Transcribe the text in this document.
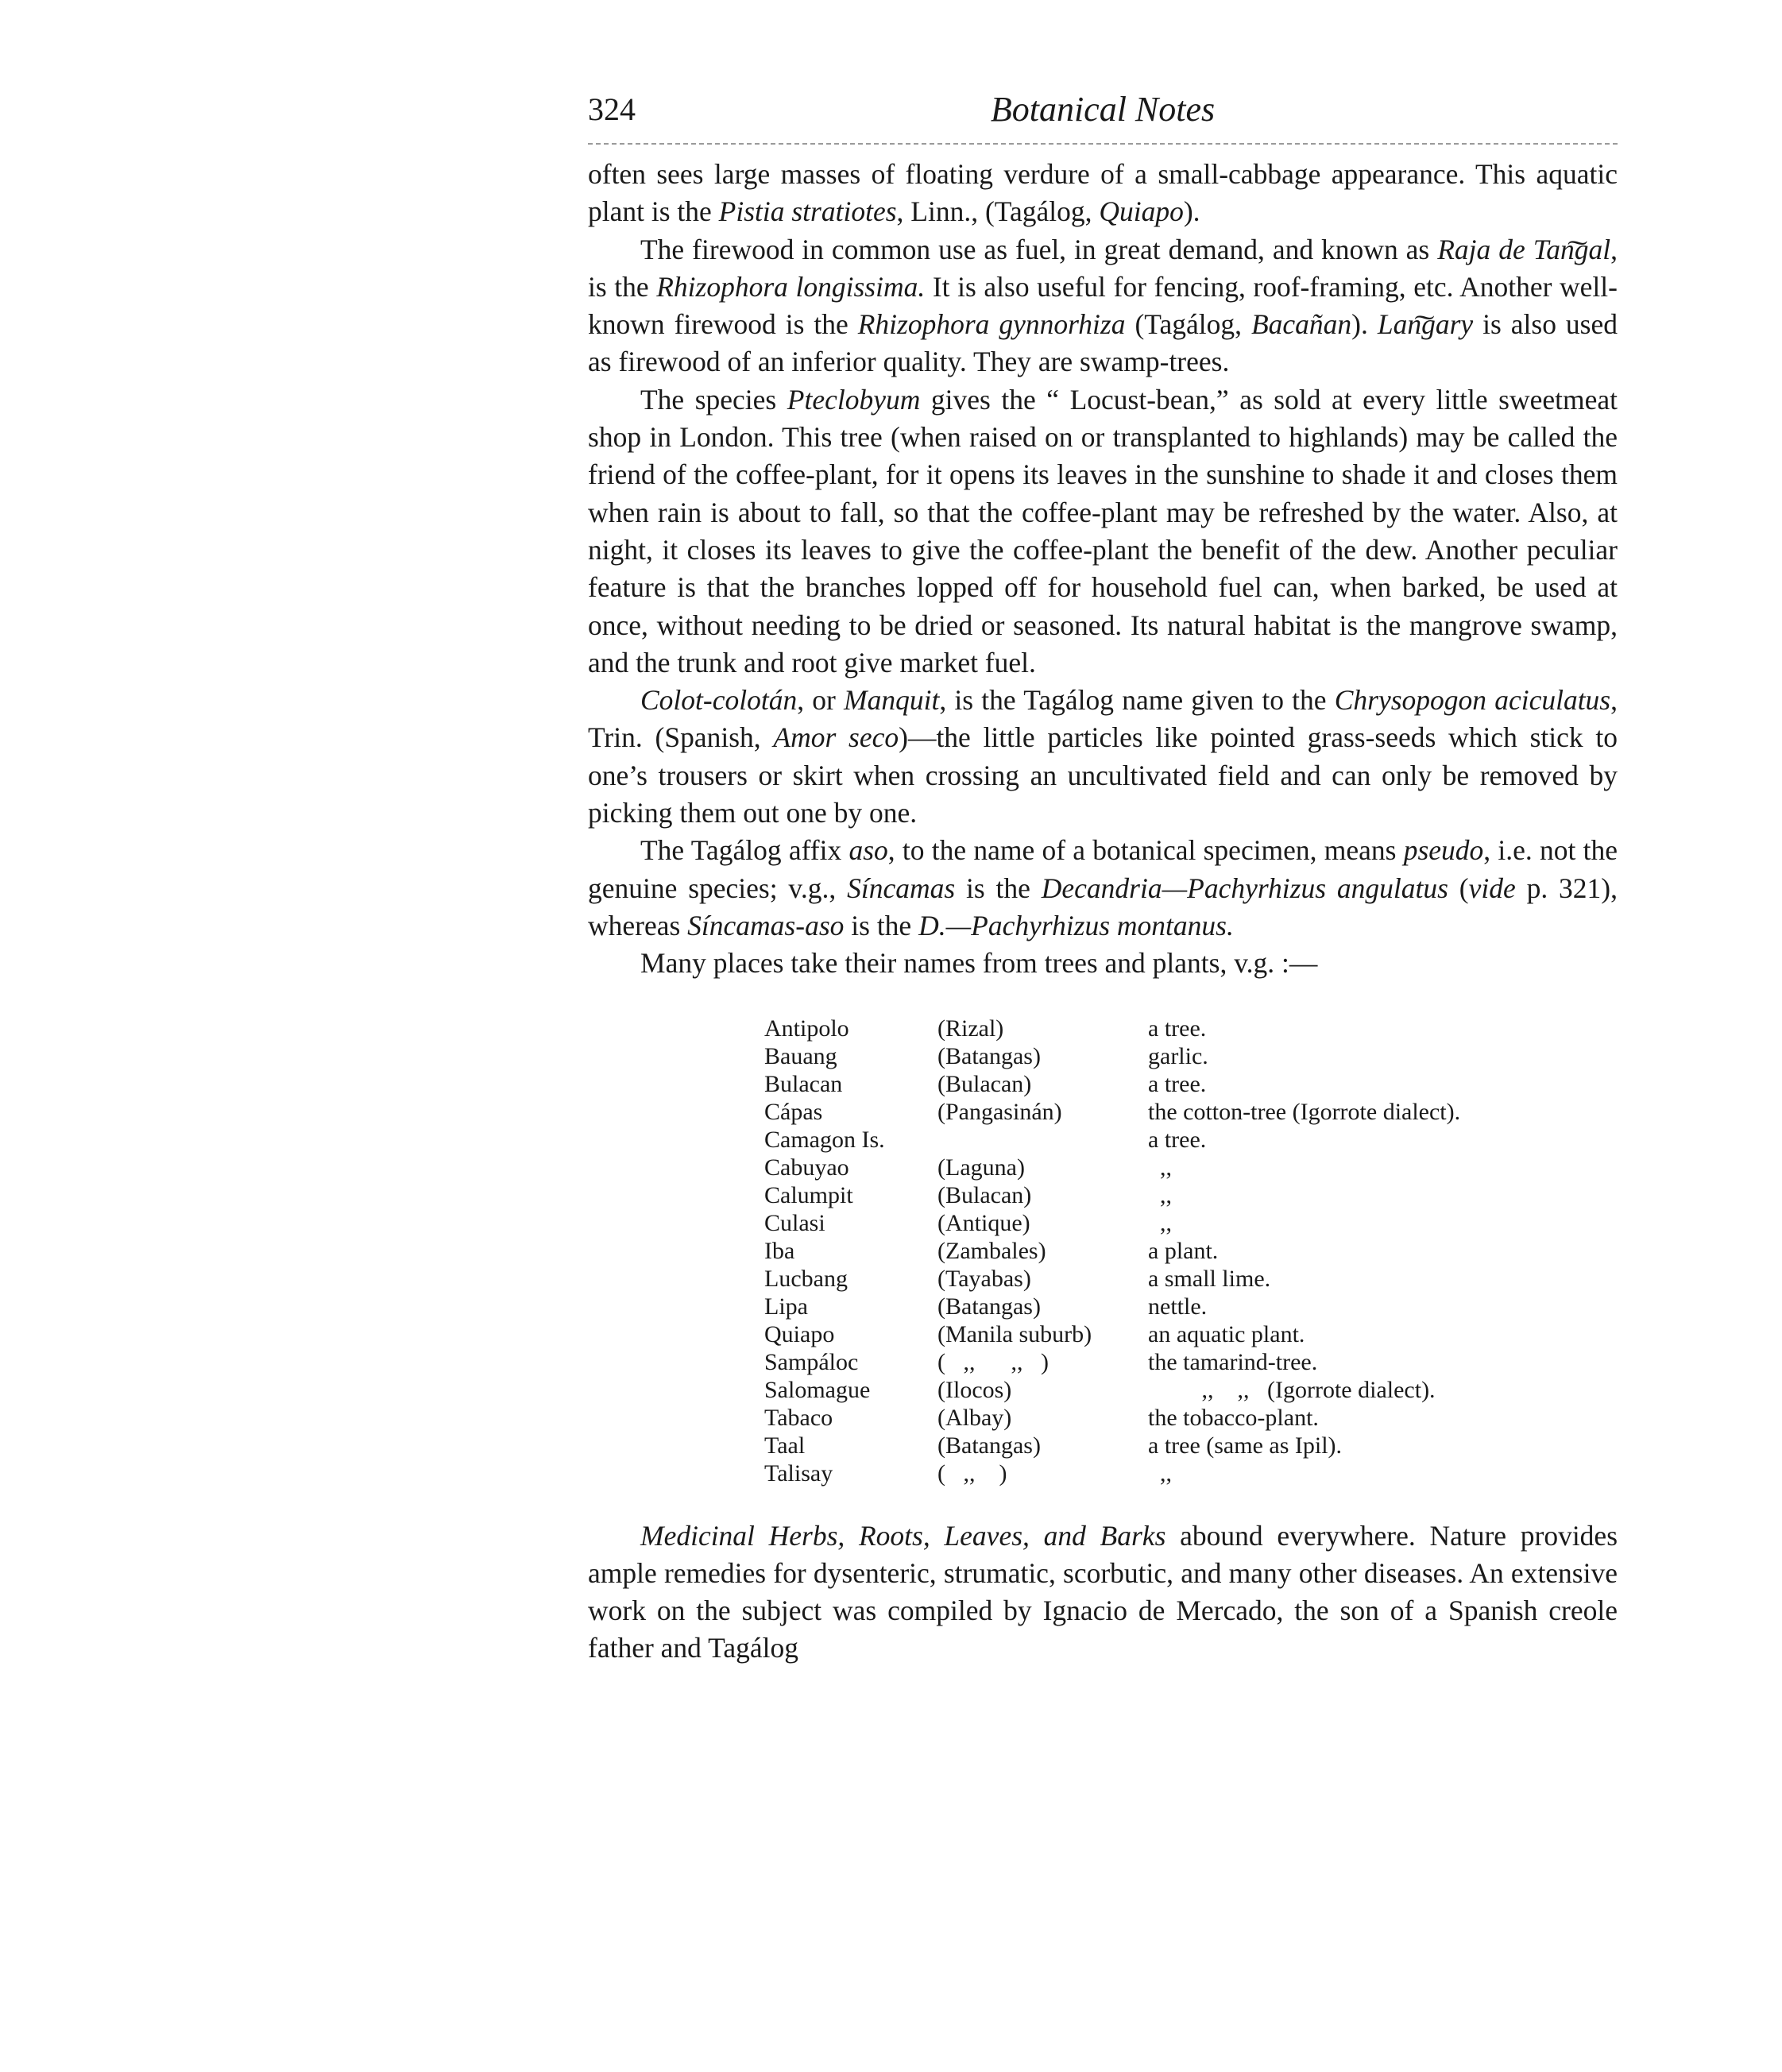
324	Botanical Notes

often sees large masses of floating verdure of a small-cabbage appearance. This aquatic plant is the Pistia stratiotes, Linn., (Tagálog, Quiapo).

The firewood in common use as fuel, in great demand, and known as Raja de Tan͠gal, is the Rhizophora longissima. It is also useful for fencing, roof-framing, etc. Another well-known firewood is the Rhizophora gynnorhiza (Tagálog, Bacañan). Lan͠gary is also used as firewood of an inferior quality. They are swamp-trees.

The species Pteclobyum gives the “ Locust-bean,” as sold at every little sweetmeat shop in London. This tree (when raised on or transplanted to highlands) may be called the friend of the coffee-plant, for it opens its leaves in the sunshine to shade it and closes them when rain is about to fall, so that the coffee-plant may be refreshed by the water. Also, at night, it closes its leaves to give the coffee-plant the benefit of the dew. Another peculiar feature is that the branches lopped off for household fuel can, when barked, be used at once, without needing to be dried or seasoned. Its natural habitat is the mangrove swamp, and the trunk and root give market fuel.

Colot-colotán, or Manquit, is the Tagálog name given to the Chrysopogon aciculatus, Trin. (Spanish, Amor seco)—the little particles like pointed grass-seeds which stick to one’s trousers or skirt when crossing an uncultivated field and can only be removed by picking them out one by one.

The Tagálog affix aso, to the name of a botanical specimen, means pseudo, i.e. not the genuine species; v.g., Síncamas is the Decandria—Pachyrhizus angulatus (vide p. 321), whereas Síncamas-aso is the D.—Pachyrhizus montanus.

Many places take their names from trees and plants, v.g. :—

Antipolo	(Rizal)	a tree.
Bauang	(Batangas)	garlic.
Bulacan	(Bulacan)	a tree.
Cápas	(Pangasinán)	the cotton-tree (Igorrote dialect).
Camagon Is.		a tree.
Cabuyao	(Laguna)	,,
Calumpit	(Bulacan)	,,
Culasi	(Antique)	,,
Iba	(Zambales)	a plant.
Lucbang	(Tayabas)	a small lime.
Lipa	(Batangas)	nettle.
Quiapo	(Manila suburb)	an aquatic plant.
Sampáloc	(   ,,      ,,   )	the tamarind-tree.
Salomague	(Ilocos)	,,    ,,   (Igorrote dialect).
Tabaco	(Albay)	the tobacco-plant.
Taal	(Batangas)	a tree (same as Ipil).
Talisay	(   ,,    )	,,

Medicinal Herbs, Roots, Leaves, and Barks abound everywhere. Nature provides ample remedies for dysenteric, strumatic, scorbutic, and many other diseases. An extensive work on the subject was compiled by Ignacio de Mercado, the son of a Spanish creole father and Tagálog
